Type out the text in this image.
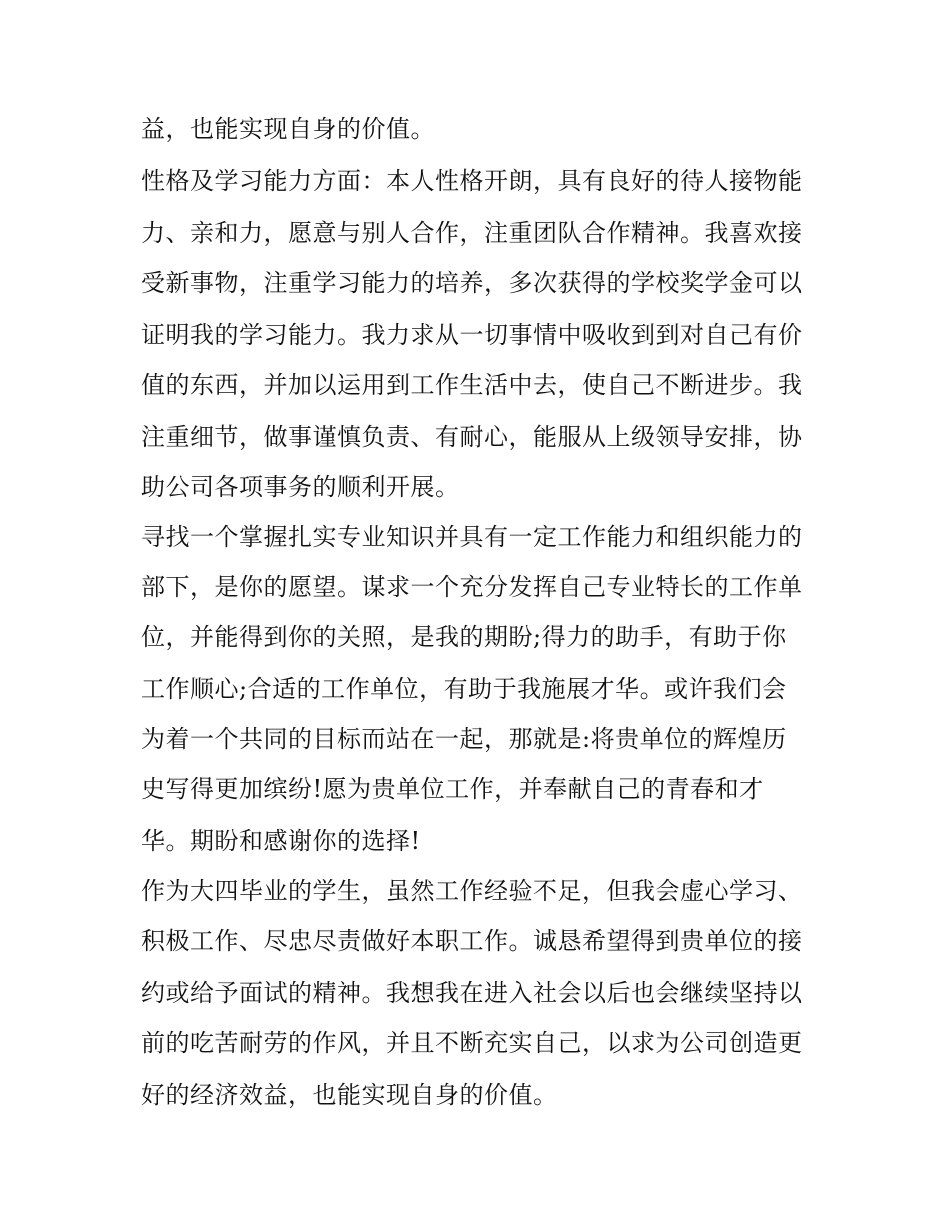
益，也能实现自身的价值。
性格及学习能力方面：本人性格开朗，具有良好的待人接物能
力、亲和力，愿意与别人合作，注重团队合作精神。我喜欢接
受新事物，注重学习能力的培养，多次获得的学校奖学金可以
证明我的学习能力。我力求从一切事情中吸收到到对自己有价
值的东西，并加以运用到工作生活中去，使自己不断进步。我
注重细节，做事谨慎负责、有耐心，能服从上级领导安排，协
助公司各项事务的顺利开展。
寻找一个掌握扎实专业知识并具有一定工作能力和组织能力的
部下，是你的愿望。谋求一个充分发挥自己专业特长的工作单
位，并能得到你的关照，是我的期盼;得力的助手，有助于你
工作顺心;合适的工作单位，有助于我施展才华。或许我们会
为着一个共同的目标而站在一起，那就是:将贵单位的辉煌历
史写得更加缤纷!愿为贵单位工作，并奉献自己的青春和才
华。期盼和感谢你的选择!
作为大四毕业的学生，虽然工作经验不足，但我会虚心学习、
积极工作、尽忠尽责做好本职工作。诚恳希望得到贵单位的接
约或给予面试的精神。我想我在进入社会以后也会继续坚持以
前的吃苦耐劳的作风，并且不断充实自己，以求为公司创造更
好的经济效益，也能实现自身的价值。
